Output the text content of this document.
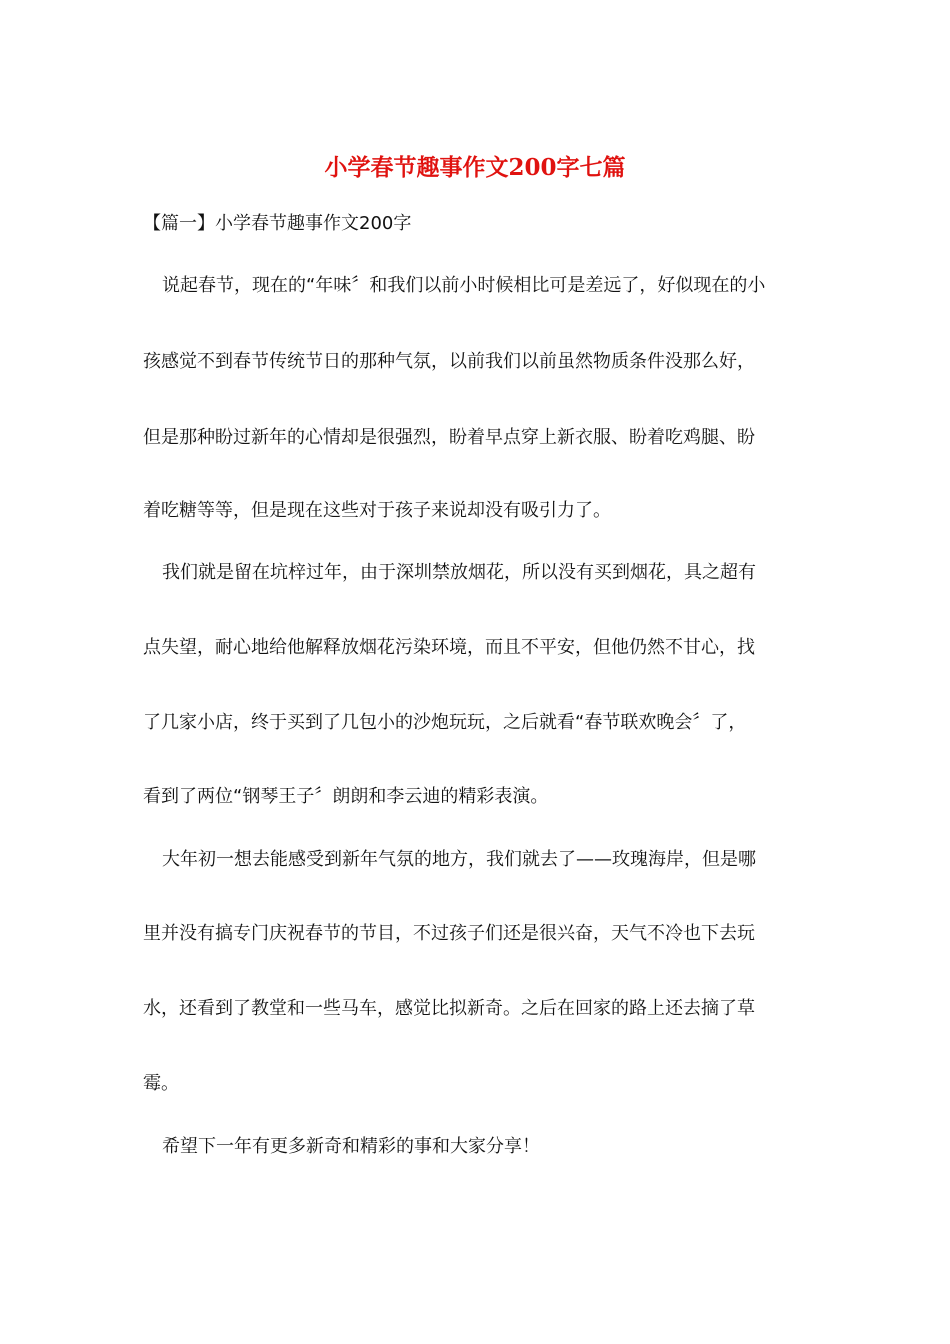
小学春节趣事作文200字七篇
【篇一】小学春节趣事作文200字
说起春节，现在的“年味〞和我们以前小时候相比可是差远了，好似现在的小
孩感觉不到春节传统节日的那种气氛，以前我们以前虽然物质条件没那么好，
但是那种盼过新年的心情却是很强烈，盼着早点穿上新衣服、盼着吃鸡腿、盼
着吃糖等等，但是现在这些对于孩子来说却没有吸引力了。
我们就是留在坑梓过年，由于深圳禁放烟花，所以没有买到烟花，具之超有
点失望，耐心地给他解释放烟花污染环境，而且不平安，但他仍然不甘心，找
了几家小店，终于买到了几包小的沙炮玩玩，之后就看“春节联欢晚会〞了，
看到了两位“钢琴王子〞朗朗和李云迪的精彩表演。
大年初一想去能感受到新年气氛的地方，我们就去了——玫瑰海岸，但是哪
里并没有搞专门庆祝春节的节目，不过孩子们还是很兴奋，天气不冷也下去玩
水，还看到了教堂和一些马车，感觉比拟新奇。之后在回家的路上还去摘了草
霉。
希望下一年有更多新奇和精彩的事和大家分享！
